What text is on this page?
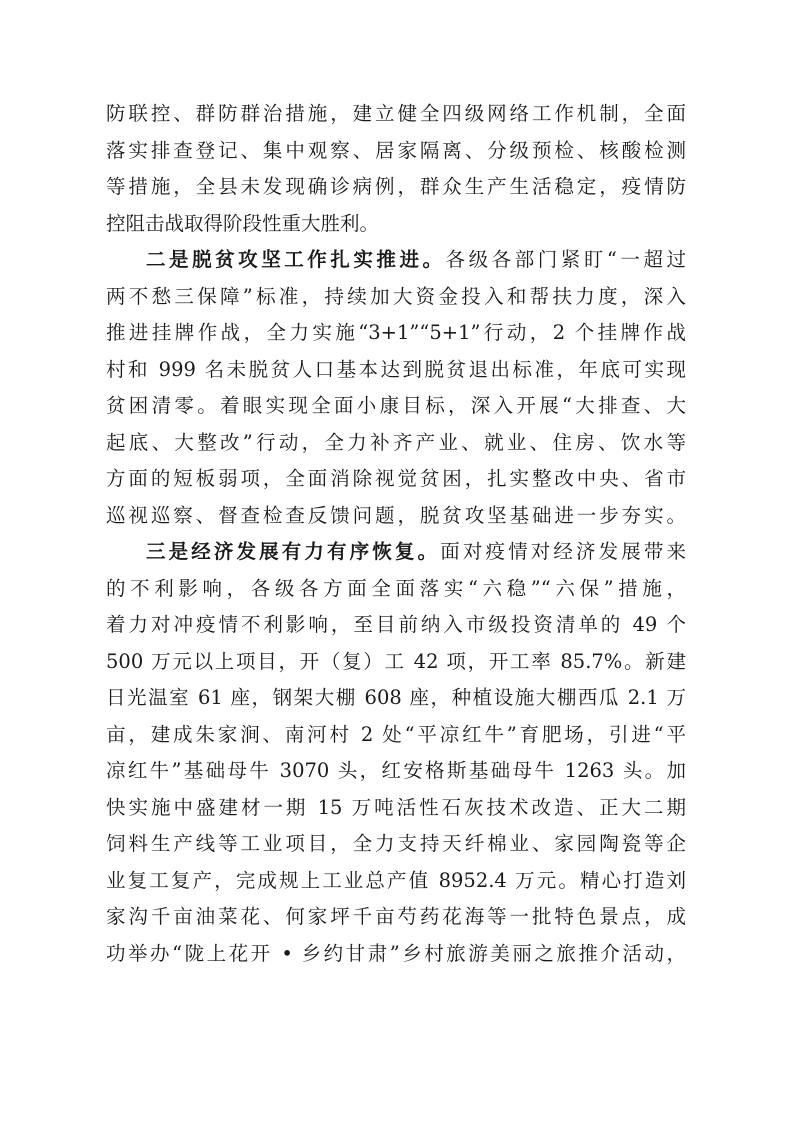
防联控、群防群治措施，建立健全四级网络工作机制，全面
落实排查登记、集中观察、居家隔离、分级预检、核酸检测
等措施，全县未发现确诊病例，群众生产生活稳定，疫情防
控阻击战取得阶段性重大胜利。
二是脱贫攻坚工作扎实推进。各级各部门紧盯“一超过
两不愁三保障”标准，持续加大资金投入和帮扶力度，深入
推进挂牌作战，全力实施“3+1”“5+1”行动，2 个挂牌作战
村和 999 名未脱贫人口基本达到脱贫退出标准，年底可实现
贫困清零。着眼实现全面小康目标，深入开展“大排查、大
起底、大整改”行动，全力补齐产业、就业、住房、饮水等
方面的短板弱项，全面消除视觉贫困，扎实整改中央、省市
巡视巡察、督查检查反馈问题，脱贫攻坚基础进一步夯实。
三是经济发展有力有序恢复。面对疫情对经济发展带来
的不利影响，各级各方面全面落实“六稳”“六保”措施，
着力对冲疫情不利影响，至目前纳入市级投资清单的 49 个
500 万元以上项目，开（复）工 42 项，开工率 85.7%。新建
日光温室 61 座，钢架大棚 608 座，种植设施大棚西瓜 2.1 万
亩，建成朱家涧、南河村 2 处“平凉红牛”育肥场，引进“平
凉红牛”基础母牛 3070 头，红安格斯基础母牛 1263 头。加
快实施中盛建材一期 15 万吨活性石灰技术改造、正大二期
饲料生产线等工业项目，全力支持天纤棉业、家园陶瓷等企
业复工复产，完成规上工业总产值 8952.4 万元。精心打造刘
家沟千亩油菜花、何家坪千亩芍药花海等一批特色景点，成
功举办“陇上花开 • 乡约甘肃”乡村旅游美丽之旅推介活动，
